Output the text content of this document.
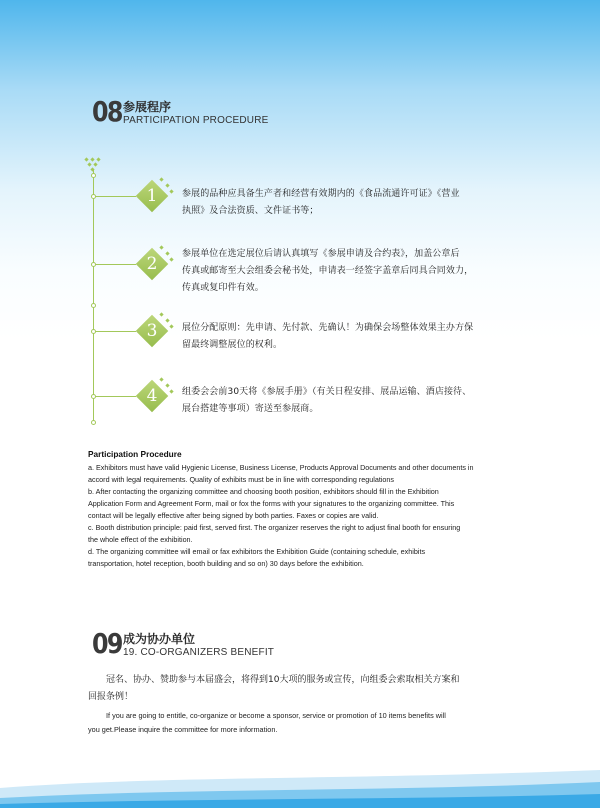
08 参展程序
PARTICIPATION PROCEDURE
1	参展的品种应具备生产者和经营有效期内的《食品流通许可证》《营业
执照》及合法资质、文件证书等；
2	参展单位在选定展位后请认真填写《参展申请及合约表》，加盖公章后
传真或邮寄至大会组委会秘书处，申请表一经签字盖章后同具合同效力，
传真或复印件有效。
3	展位分配原则：先申请、先付款、先确认！为确保会场整体效果主办方保
留最终调整展位的权利。
4	组委会会前30天将《参展手册》（有关日程安排、展品运输、酒店接待、
展台搭建等事项）寄送至参展商。
Participation Procedure
a. Exhibitors must have valid Hygienic License, Business License, Products Approval Documents and other documents in
accord with legal requirements. Quality of exhibits must be in line with corresponding regulations
b. After contacting the organizing committee and choosing booth position, exhibitors should fill in the Exhibition
Application Form and Agreement Form, mail or fox the forms with your signatures to the organizing committee. This
contact will be legally effective after being signed by both parties. Faxes or copies are valid.
c. Booth distribution principle: paid first, served first. The organizer reserves the right to adjust final booth for ensuring
the whole effect of the exhibition.
d. The organizing committee will email or fax exhibitors the Exhibition Guide (containing schedule, exhibits
transportation, hotel reception, booth building and so on) 30 days before the exhibition.
09 成为协办单位
19. CO-ORGANIZERS BENEFIT
冠名、协办、赞助参与本届盛会，将得到10大项的服务或宣传，向组委会索取相关方案和
回报条例！
If you are going to entitle, co-organize or become a sponsor, service or promotion of 10 items benefits will
you get.Please inquire the committee for more information.
